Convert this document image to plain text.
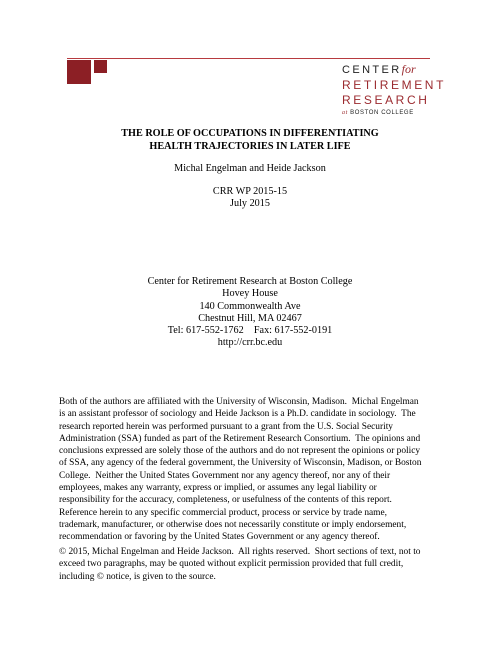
CENTERfor
RETIREMENT
RESEARCH
at BOSTON COLLEGE
THE ROLE OF OCCUPATIONS IN DIFFERENTIATING
HEALTH TRAJECTORIES IN LATER LIFE
Michal Engelman and Heide Jackson
CRR WP 2015-15
July 2015
Center for Retirement Research at Boston College
Hovey House
140 Commonwealth Ave
Chestnut Hill, MA 02467
Tel: 617-552-1762    Fax: 617-552-0191
http://crr.bc.edu
Both of the authors are affiliated with the University of Wisconsin, Madison.  Michal Engelman
is an assistant professor of sociology and Heide Jackson is a Ph.D. candidate in sociology.  The
research reported herein was performed pursuant to a grant from the U.S. Social Security
Administration (SSA) funded as part of the Retirement Research Consortium.  The opinions and
conclusions expressed are solely those of the authors and do not represent the opinions or policy
of SSA, any agency of the federal government, the University of Wisconsin, Madison, or Boston
College.  Neither the United States Government nor any agency thereof, nor any of their
employees, makes any warranty, express or implied, or assumes any legal liability or
responsibility for the accuracy, completeness, or usefulness of the contents of this report.
Reference herein to any specific commercial product, process or service by trade name,
trademark, manufacturer, or otherwise does not necessarily constitute or imply endorsement,
recommendation or favoring by the United States Government or any agency thereof.
© 2015, Michal Engelman and Heide Jackson.  All rights reserved.  Short sections of text, not to
exceed two paragraphs, may be quoted without explicit permission provided that full credit,
including © notice, is given to the source.
